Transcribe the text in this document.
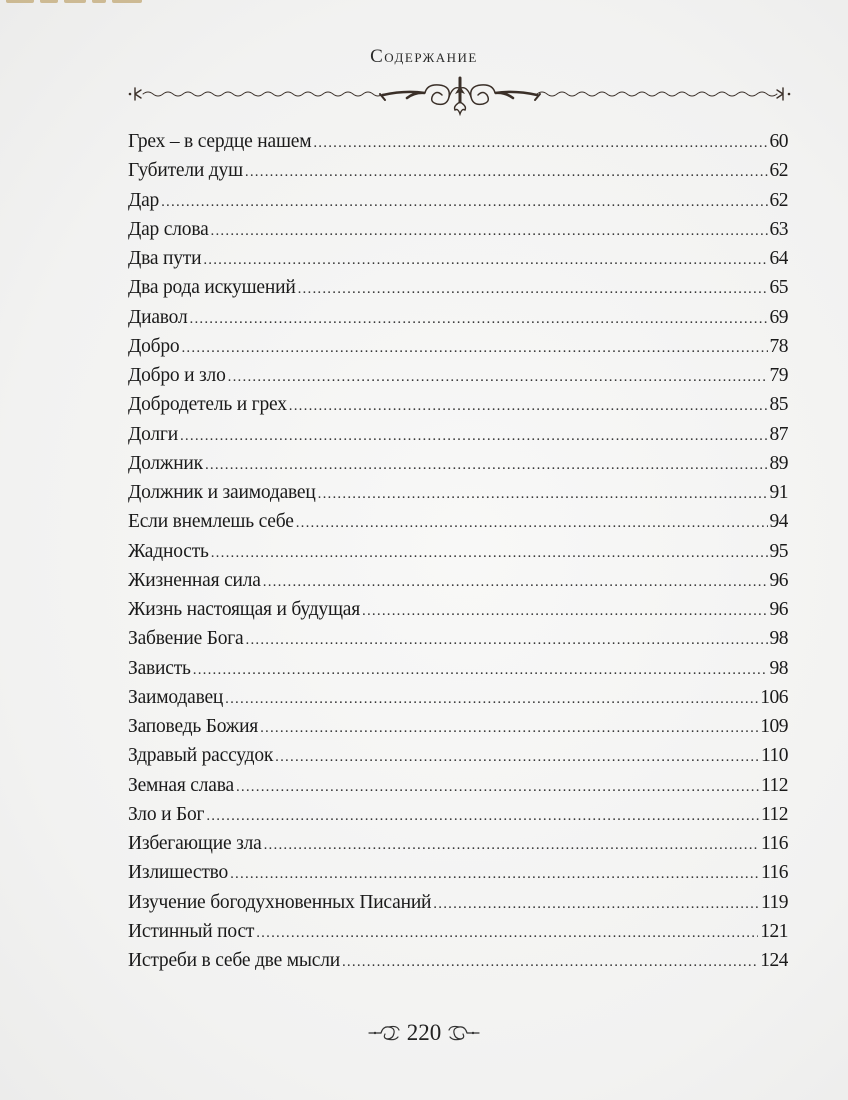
Содержание
Грех – в сердце нашем .....	60
Губители душ .....	62
Дар .....	62
Дар слова .....	63
Два пути .....	64
Два рода искушений .....	65
Диавол .....	69
Добро .....	78
Добро и зло .....	79
Добродетель и грех .....	85
Долги .....	87
Должник .....	89
Должник и заимодавец .....	91
Если внемлешь себе .....	94
Жадность .....	95
Жизненная сила .....	96
Жизнь настоящая и будущая .....	96
Забвение Бога .....	98
Зависть .....	98
Заимодавец .....	106
Заповедь Божия .....	109
Здравый рассудок .....	110
Земная слава .....	112
Зло и Бог .....	112
Избегающие зла .....	116
Излишество .....	116
Изучение богодухновенных Писаний .....	119
Истинный пост .....	121
Истреби в себе две мысли .....	124
220
